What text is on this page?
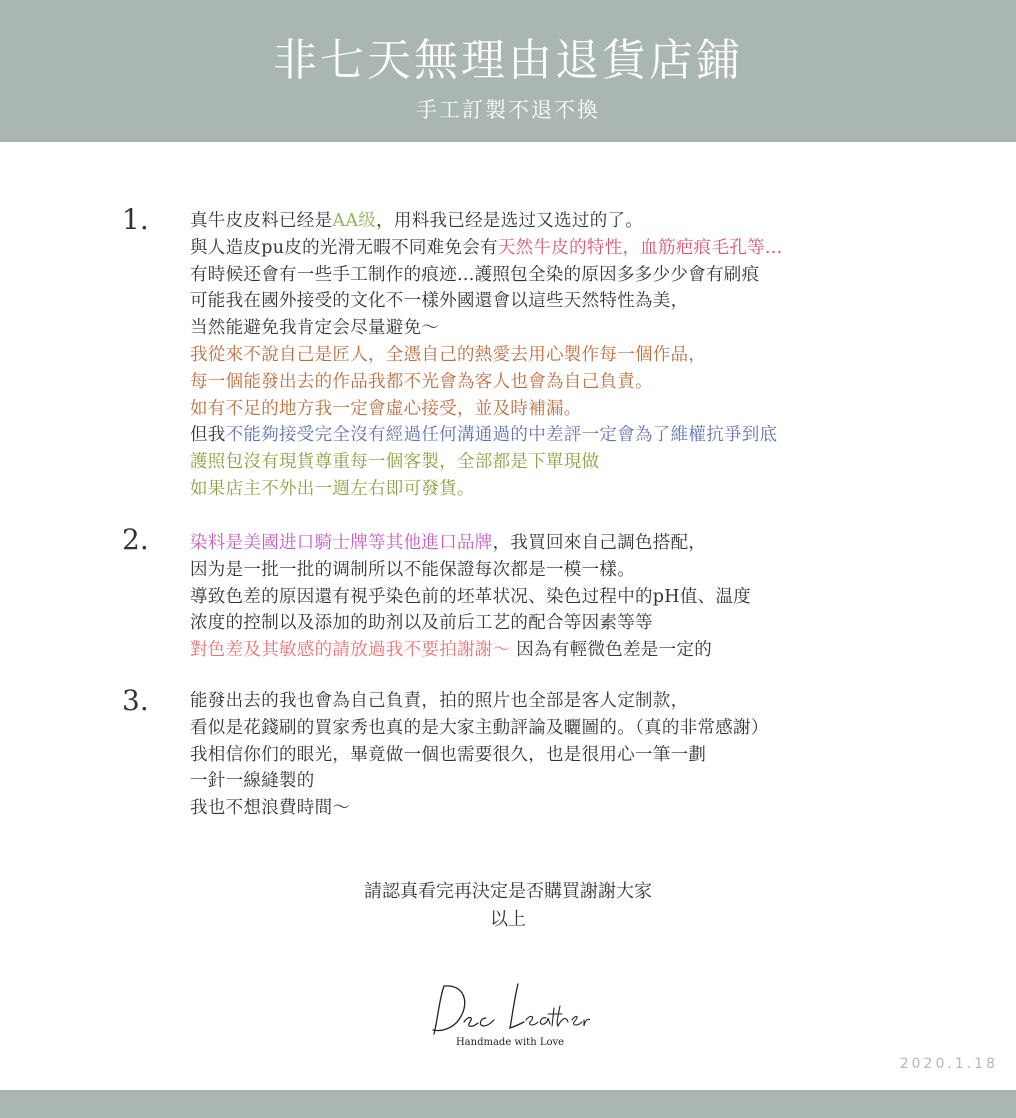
非七天無理由退貨店鋪
手工訂製不退不換
1. 真牛皮皮料已经是AA级，用料我已经是选过又选过的了。
與人造皮pu皮的光滑无暇不同难免会有天然牛皮的特性，血筋疤痕毛孔等...
有時候还會有一些手工制作的痕迹...護照包全染的原因多多少少會有刷痕
可能我在國外接受的文化不一樣外國還會以這些天然特性為美，
当然能避免我肯定会尽量避免～
我從來不說自己是匠人，全憑自己的熱愛去用心製作每一個作品，
每一個能發出去的作品我都不光會為客人也會為自己負責。
如有不足的地方我一定會虛心接受，並及時補漏。
但我不能夠接受完全沒有經過任何溝通過的中差評一定會為了維權抗爭到底
護照包沒有現貨尊重每一個客製，全部都是下單現做
如果店主不外出一週左右即可發貨。
2. 染料是美國进口騎士牌等其他進口品牌，我買回來自己調色搭配，
因为是一批一批的调制所以不能保證每次都是一模一樣。
導致色差的原因還有視乎染色前的坯革状况、染色过程中的pH值、温度
浓度的控制以及添加的助剂以及前后工艺的配合等因素等等
對色差及其敏感的請放過我不要拍謝謝～ 因為有輕微色差是一定的
3. 能發出去的我也會為自己負責，拍的照片也全部是客人定制款，
看似是花錢刷的買家秀也真的是大家主動評論及曬圖的。（真的非常感謝）
我相信你们的眼光，畢竟做一個也需要很久，也是很用心一筆一劃
一針一線縫製的
我也不想浪費時間～
請認真看完再決定是否購買謝謝大家
以上
Handmade with Love
2020.1.18
